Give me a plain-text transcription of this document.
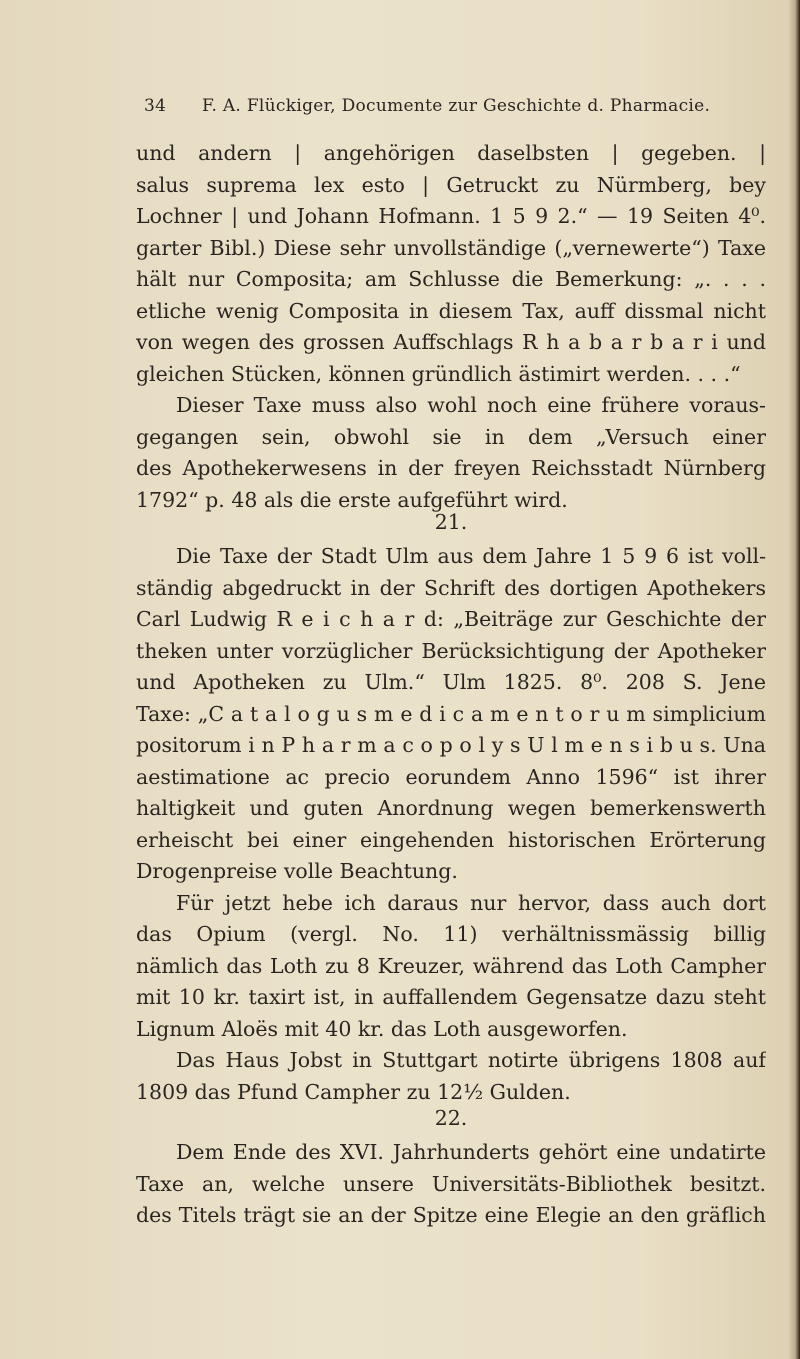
34 F. A. Flückiger, Documente zur Geschichte d. Pharmacie.
und andern | angehörigen daselbsten | gegeben. |
salus suprema lex esto | Getruckt zu Nürmberg, bey
Lochner | und Johann Hofmann. 1 5 9 2.“ — 19 Seiten 4⁰.
garter Bibl.) Diese sehr unvollständige („vernewerte“) Taxe
hält nur Composita; am Schlusse die Bemerkung: „. . . .
etliche wenig Composita in diesem Tax, auff dissmal nicht
von wegen des grossen Auffschlags R h a b a r b a r i und
gleichen Stücken, können gründlich ästimirt werden. . . .“
Dieser Taxe muss also wohl noch eine frühere voraus-
gegangen sein, obwohl sie in dem „Versuch einer
des Apothekerwesens in der freyen Reichsstadt Nürnberg
1792“ p. 48 als die erste aufgeführt wird.
21.
Die Taxe der Stadt Ulm aus dem Jahre 1 5 9 6 ist voll-
ständig abgedruckt in der Schrift des dortigen Apothekers
Carl Ludwig R e i c h a r d: „Beiträge zur Geschichte der
theken unter vorzüglicher Berücksichtigung der Apotheker
und Apotheken zu Ulm.“ Ulm 1825. 8⁰. 208 S. Jene
Taxe: „C a t a l o g u s m e d i c a m e n t o r u m simplicium
positorum i n P h a r m a c o p o l y s U l m e n s i b u s. Una
aestimatione ac precio eorundem Anno 1596“ ist ihrer
haltigkeit und guten Anordnung wegen bemerkenswerth
erheischt bei einer eingehenden historischen Erörterung
Drogenpreise volle Beachtung.
Für jetzt hebe ich daraus nur hervor, dass auch dort
das Opium (vergl. No. 11) verhältnissmässig billig
nämlich das Loth zu 8 Kreuzer, während das Loth Campher
mit 10 kr. taxirt ist, in auffallendem Gegensatze dazu steht
Lignum Aloës mit 40 kr. das Loth ausgeworfen.
Das Haus Jobst in Stuttgart notirte übrigens 1808 auf
1809 das Pfund Campher zu 12½ Gulden.
22.
Dem Ende des XVI. Jahrhunderts gehört eine undatirte
Taxe an, welche unsere Universitäts-Bibliothek besitzt.
des Titels trägt sie an der Spitze eine Elegie an den gräflich
